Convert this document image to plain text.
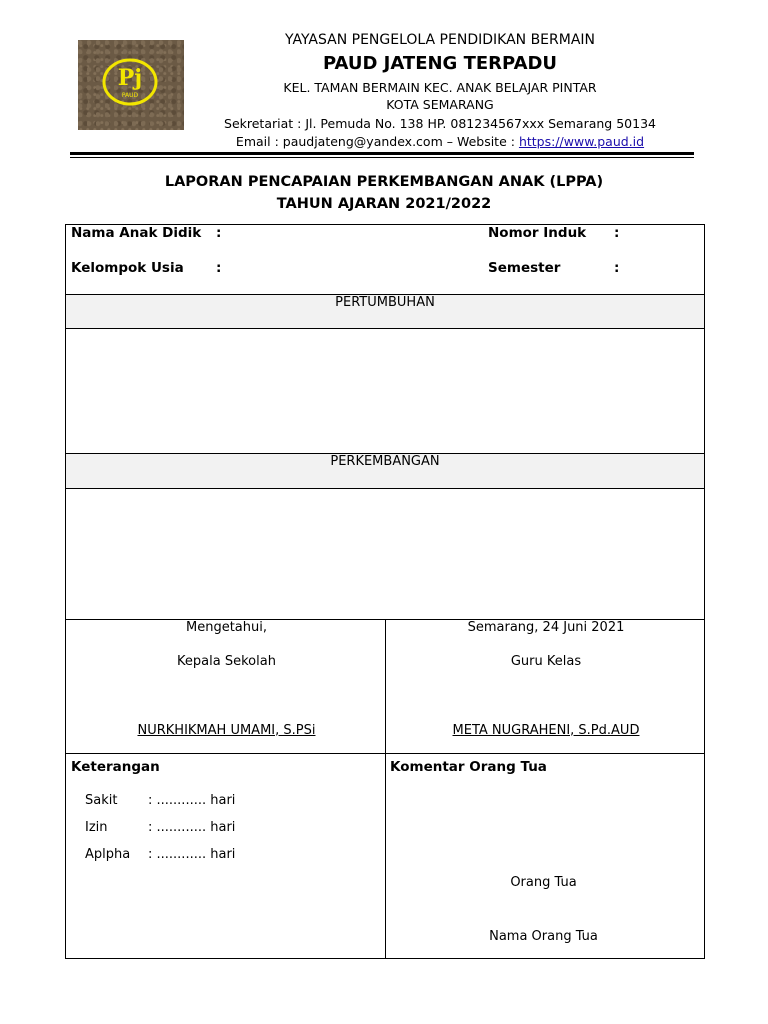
Pj
PAUD
YAYASAN PENGELOLA PENDIDIKAN BERMAIN
PAUD JATENG TERPADU
KEL. TAMAN BERMAIN KEC. ANAK BELAJAR PINTAR
KOTA SEMARANG
Sekretariat : Jl. Pemuda No. 138 HP. 081234567xxx Semarang 50134
Email : paudjateng@yandex.com – Website : https://www.paud.id
LAPORAN PENCAPAIAN PERKEMBANGAN ANAK (LPPA)
TAHUN AJARAN 2021/2022
Nama Anak Didik :
Kelompok Usia :
Nomor Induk :
Semester	:
PERTUMBUHAN
PERKEMBANGAN
Mengetahui,
Kepala Sekolah
NURKHIKMAH UMAMI, S.PSi
Semarang, 24 Juni 2021
Guru Kelas
META NUGRAHENI, S.Pd.AUD
Keterangan
Sakit : ............ hari
Izin	: ............ hari
Aplpha : ............ hari
Komentar Orang Tua
Orang Tua
Nama Orang Tua
